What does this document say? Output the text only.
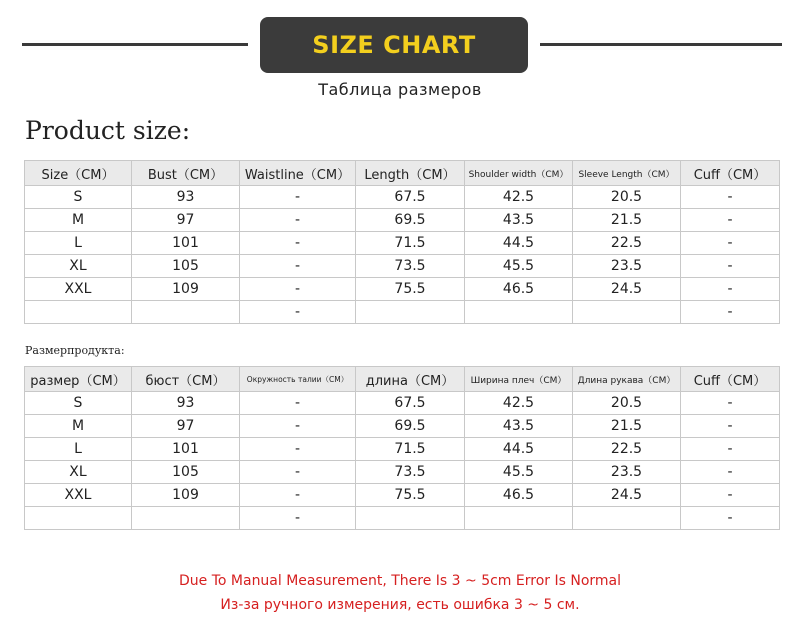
SIZE CHART
Таблица размеров
Product size:
Size（CM）	Bust（CM）	Waistline（CM）	Length（CM）	Shoulder width（CM）	Sleeve Length（CM）	Cuff（CM）
S	93	-	67.5	42.5	20.5	-
M	97	-	69.5	43.5	21.5	-
L	101	-	71.5	44.5	22.5	-
XL	105	-	73.5	45.5	23.5	-
XXL	109	-	75.5	46.5	24.5	-
		-				-
Размерпродукта:
размер（CM）	бюст（CM）	Окружность талии（CM）	длина（CM）	Ширина плеч（CM）	Длина рукава（CM）	Cuff（CM）
S	93	-	67.5	42.5	20.5	-
M	97	-	69.5	43.5	21.5	-
L	101	-	71.5	44.5	22.5	-
XL	105	-	73.5	45.5	23.5	-
XXL	109	-	75.5	46.5	24.5	-
		-				-
Due To Manual Measurement, There Is 3 ~ 5cm Error Is Normal
Из-за ручного измерения, есть ошибка 3 ~ 5 см.
